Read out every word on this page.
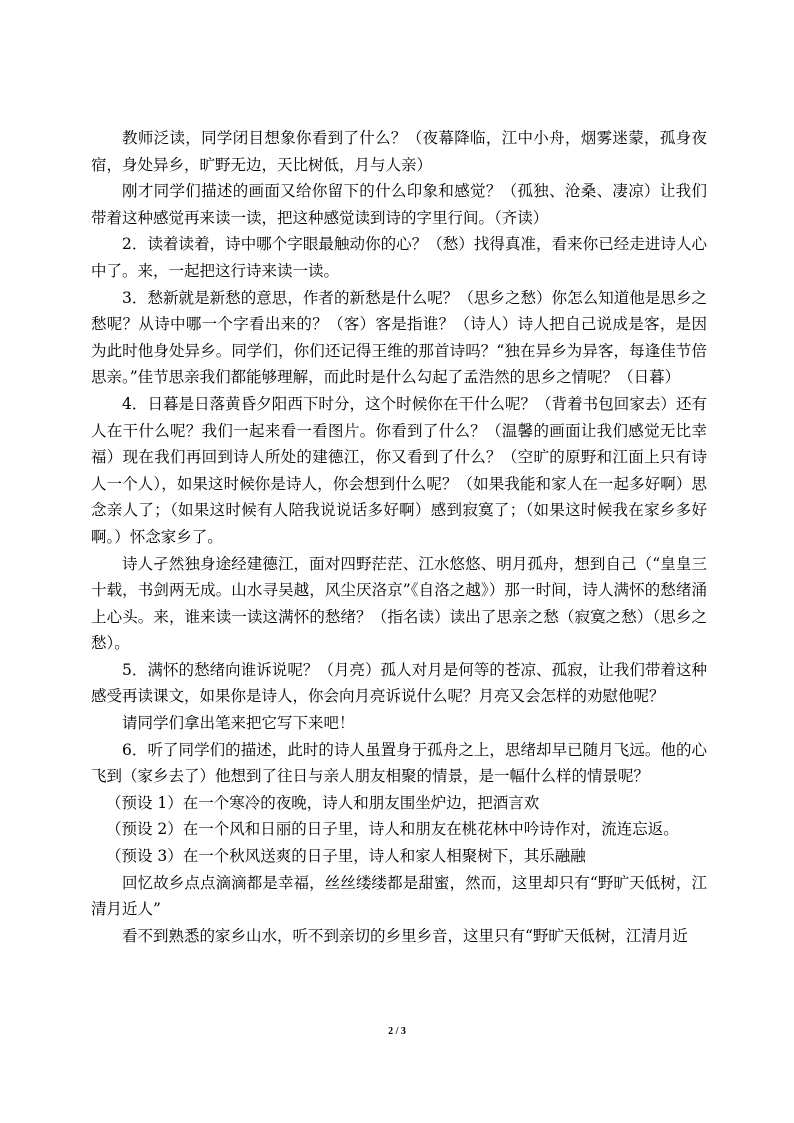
教师泛读，同学闭目想象你看到了什么？（夜幕降临，江中小舟，烟雾迷蒙，孤身夜宿，身处异乡，旷野无边，天比树低，月与人亲）

刚才同学们描述的画面又给你留下的什么印象和感觉？（孤独、沧桑、凄凉）让我们带着这种感觉再来读一读，把这种感觉读到诗的字里行间。（齐读）

2．读着读着，诗中哪个字眼最触动你的心？（愁）找得真准，看来你已经走进诗人心中了。来，一起把这行诗来读一读。

3．愁新就是新愁的意思，作者的新愁是什么呢？（思乡之愁）你怎么知道他是思乡之愁呢？从诗中哪一个字看出来的？（客）客是指谁？（诗人）诗人把自己说成是客，是因为此时他身处异乡。同学们，你们还记得王维的那首诗吗？“独在异乡为异客，每逢佳节倍思亲。”佳节思亲我们都能够理解，而此时是什么勾起了孟浩然的思乡之情呢？（日暮）

4．日暮是日落黄昏夕阳西下时分，这个时候你在干什么呢？（背着书包回家去）还有人在干什么呢？我们一起来看一看图片。你看到了什么？（温馨的画面让我们感觉无比幸福）现在我们再回到诗人所处的建德江，你又看到了什么？（空旷的原野和江面上只有诗人一个人），如果这时候你是诗人，你会想到什么呢？（如果我能和家人在一起多好啊）思念亲人了；（如果这时候有人陪我说说话多好啊）感到寂寞了；（如果这时候我在家乡多好啊。）怀念家乡了。

诗人孑然独身途经建德江，面对四野茫茫、江水悠悠、明月孤舟，想到自己（“皇皇三十载，书剑两无成。山水寻吴越，风尘厌洛京”《自洛之越》）那一时间，诗人满怀的愁绪涌上心头。来，谁来读一读这满怀的愁绪？（指名读）读出了思亲之愁（寂寞之愁）（思乡之愁）。

5．满怀的愁绪向谁诉说呢？（月亮）孤人对月是何等的苍凉、孤寂，让我们带着这种感受再读课文，如果你是诗人，你会向月亮诉说什么呢？月亮又会怎样的劝慰他呢？

请同学们拿出笔来把它写下来吧！

6．听了同学们的描述，此时的诗人虽置身于孤舟之上，思绪却早已随月飞远。他的心飞到（家乡去了）他想到了往日与亲人朋友相聚的情景，是一幅什么样的情景呢？

（预设 1）在一个寒冷的夜晚，诗人和朋友围坐炉边，把酒言欢

（预设 2）在一个风和日丽的日子里，诗人和朋友在桃花林中吟诗作对，流连忘返。

（预设 3）在一个秋风送爽的日子里，诗人和家人相聚树下，其乐融融

回忆故乡点点滴滴都是幸福，丝丝缕缕都是甜蜜，然而，这里却只有“野旷天低树，江清月近人”

看不到熟悉的家乡山水，听不到亲切的乡里乡音，这里只有“野旷天低树，江清月近

2 / 3
